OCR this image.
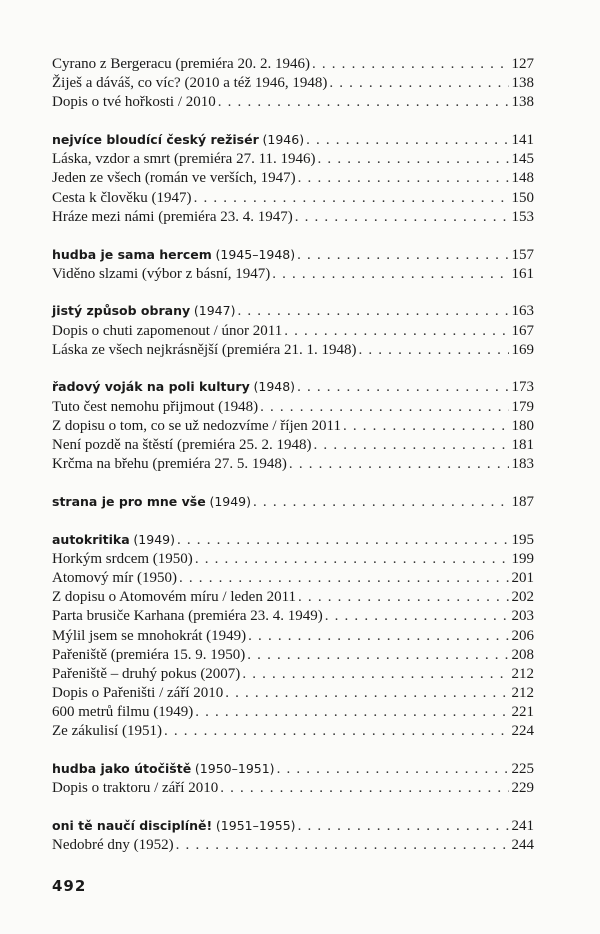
Cyrano z Bergeracu (premiéra 20. 2. 1946) . . .	127
Žiješ a dáváš, co víc? (2010 a též 1946, 1948) . . .	138
Dopis o tvé hořkosti / 2010 . . .	138
nejvíce bloudící český režisér (1946) . . .	141
Láska, vzdor a smrt (premiéra 27. 11. 1946) . . .	145
Jeden ze všech (román ve verších, 1947) . . .	148
Cesta k člověku (1947) . . .	150
Hráze mezi námi (premiéra 23. 4. 1947) . . .	153
hudba je sama hercem (1945–1948) . . .	157
Viděno slzami (výbor z básní, 1947) . . .	161
jistý způsob obrany (1947) . . .	163
Dopis o chuti zapomenout / únor 2011 . . .	167
Láska ze všech nejkrásnější (premiéra 21. 1. 1948) . . .	169
řadový voják na poli kultury (1948) . . .	173
Tuto čest nemohu přijmout (1948) . . .	179
Z dopisu o tom, co se už nedozvíme / říjen 2011 . . .	180
Není pozdě na štěstí (premiéra 25. 2. 1948) . . .	181
Krčma na břehu (premiéra 27. 5. 1948) . . .	183
strana je pro mne vše (1949) . . .	187
autokritika (1949) . . .	195
Horkým srdcem (1950) . . .	199
Atomový mír (1950) . . .	201
Z dopisu o Atomovém míru / leden 2011 . . .	202
Parta brusiče Karhana (premiéra 23. 4. 1949) . . .	203
Mýlil jsem se mnohokrát (1949) . . .	206
Pařeniště (premiéra 15. 9. 1950) . . .	208
Pařeniště – druhý pokus (2007) . . .	212
Dopis o Pařeništi / září 2010 . . .	212
600 metrů filmu (1949) . . .	221
Ze zákulisí (1951) . . .	224
hudba jako útočiště (1950–1951) . . .	225
Dopis o traktoru / září 2010 . . .	229
oni tě naučí disciplíně! (1951–1955) . . .	241
Nedobré dny (1952) . . .	244
492
